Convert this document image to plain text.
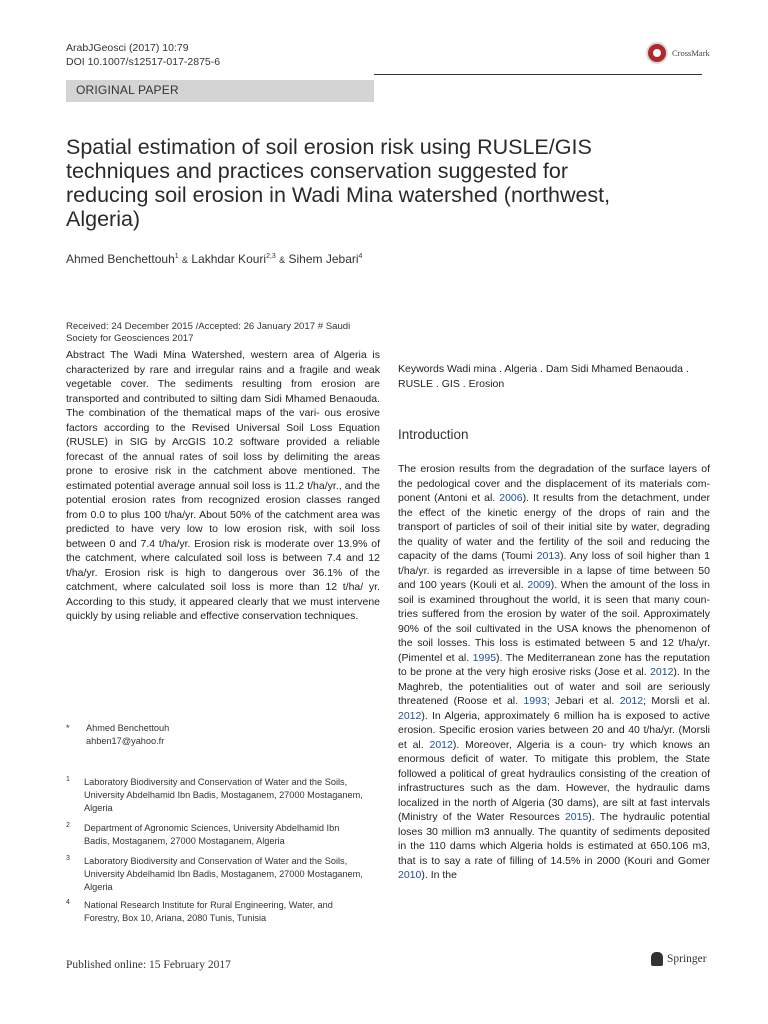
ArabJGeosci (2017) 10:79
DOI 10.1007/s12517-017-2875-6
CrossMark
ORIGINAL PAPER
Spatial estimation of soil erosion risk using RUSLE/GIS techniques and practices conservation suggested for reducing soil erosion in Wadi Mina watershed (northwest, Algeria)
Ahmed Benchettouh$^1$ & Lakhdar Kouri$^{2,3}$ & Sihem Jebari$^4$
Received: 24 December 2015 /Accepted: 26 January 2017 # Saudi Society for Geosciences 2017
Abstract The Wadi Mina Watershed, western area of Algeria is characterized by rare and irregular rains and a fragile and weak vegetable cover. The sediments resulting from erosion are transported and contributed to silting dam Sidi Mhamed Benaouda. The combination of the thematical maps of the vari- ous erosive factors according to the Revised Universal Soil Loss Equation (RUSLE) in SIG by ArcGIS 10.2 software provided a reliable forecast of the annual rates of soil loss by delimiting the areas prone to erosive risk in the catchment above mentioned. The estimated potential average annual soil loss is 11.2 t/ha/yr., and the potential erosion rates from recognized erosion classes ranged from 0.0 to plus 100 t/ha/yr. About 50% of the catchment area was predicted to have very low to low erosion risk, with soil loss between 0 and 7.4 t/ha/yr. Erosion risk is moderate over 13.9% of the catchment, where calculated soil loss is between 7.4 and 12 t/ha/yr. Erosion risk is high to dangerous over 36.1% of the catchment, where calculated soil loss is more than 12 t/ha/ yr. According to this study, it appeared clearly that we must intervene quickly by using reliable and effective conservation techniques.
Keywords Wadi mina . Algeria . Dam Sidi Mhamed Benaouda . RUSLE . GIS . Erosion
Introduction
The erosion results from the degradation of the surface layers of the pedological cover and the displacement of its materials com- ponent (Antoni et al. 2006). It results from the detachment, under the effect of the kinetic energy of the drops of rain and the transport of particles of soil of their initial site by water, degrading the quality of water and the fertility of the soil and reducing the capacity of the dams (Toumi 2013). Any loss of soil higher than 1 t/ha/yr. is regarded as irreversible in a lapse of time between 50 and 100 years (Kouli et al. 2009). When the amount of the loss in soil is examined throughout the world, it is seen that many coun- tries suffered from the erosion by water of the soil. Approximately 90% of the soil cultivated in the USA knows the phenomenon of the soil losses. This loss is estimated between 5 and 12 t/ha/yr. (Pimentel et al. 1995). The Mediterranean zone has the reputation to be prone at the very high erosive risks (Jose et al. 2012). In the Maghreb, the potentialities out of water and soil are seriously threatened (Roose et al. 1993; Jebari et al. 2012; Morsli et al. 2012). In Algeria, approximately 6 million ha is exposed to active erosion. Specific erosion varies between 20 and 40 t/ha/yr. (Morsli et al. 2012). Moreover, Algeria is a coun- try which knows an enormous deficit of water. To mitigate this problem, the State followed a political of great hydraulics consisting of the creation of infrastructures such as the dam. However, the hydraulic dams localized in the north of Algeria (30 dams), are silt at fast intervals (Ministry of the Water Resources 2015). The hydraulic potential loses 30 million m3 annually. The quantity of sediments deposited in the 110 dams which Algeria holds is estimated at 650.106 m3, that is to say a rate of filling of 14.5% in 2000 (Kouri and Gomer 2010). In the
* Ahmed Benchettouh
ahben17@yahoo.fr
1 Laboratory Biodiversity and Conservation of Water and the Soils, University Abdelhamid Ibn Badis, Mostaganem, 27000 Mostaganem, Algeria
2 Department of Agronomic Sciences, University Abdelhamid Ibn Badis, Mostaganem, 27000 Mostaganem, Algeria
3 Laboratory Biodiversity and Conservation of Water and the Soils, University Abdelhamid Ibn Badis, Mostaganem, 27000 Mostaganem, Algeria
4 National Research Institute for Rural Engineering, Water, and Forestry, Box 10, Ariana, 2080 Tunis, Tunisia
Published online: 15 February 2017	Springer
